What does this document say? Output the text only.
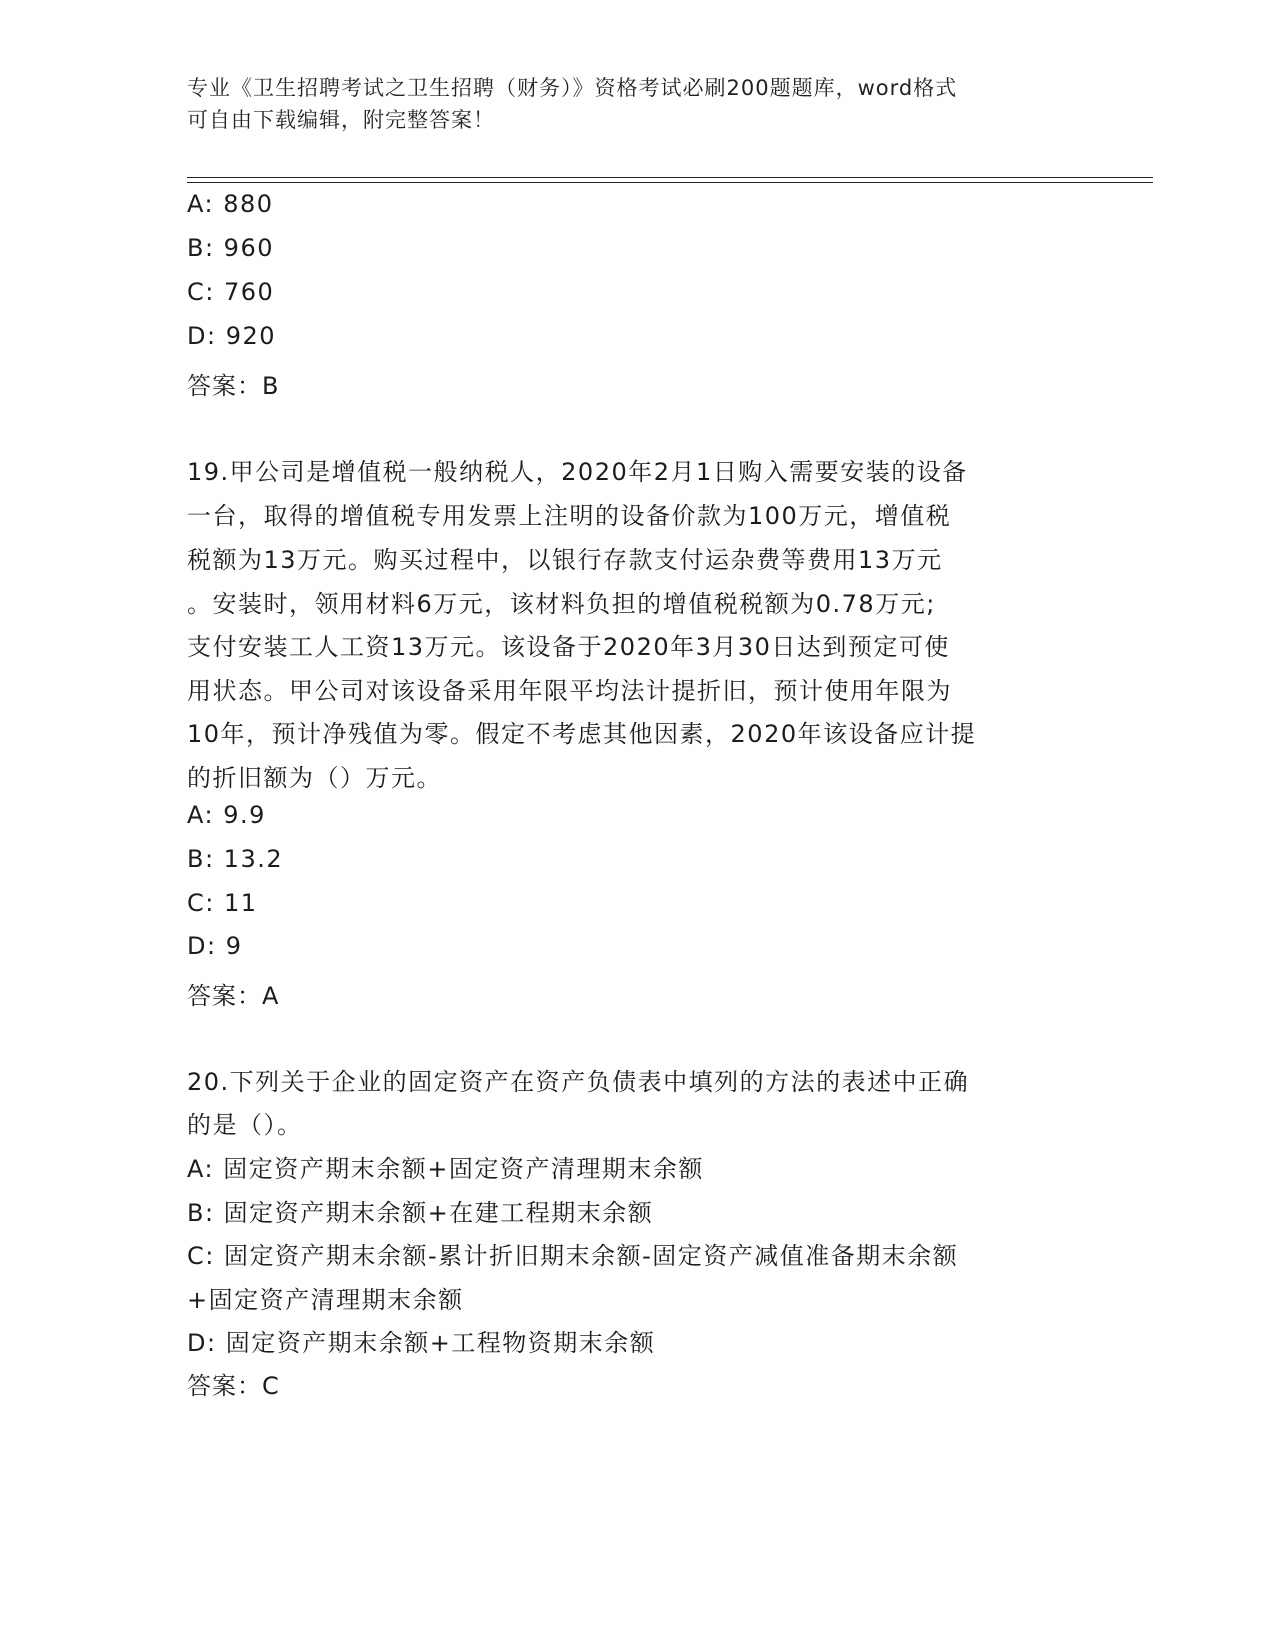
专业《卫生招聘考试之卫生招聘（财务）》资格考试必刷200题题库，word格式
可自由下载编辑，附完整答案！
A: 880
B: 960
C: 760
D: 920
答案：B
19.甲公司是增值税一般纳税人，2020年2月1日购入需要安装的设备
一台，取得的增值税专用发票上注明的设备价款为100万元，增值税
税额为13万元。购买过程中，以银行存款支付运杂费等费用13万元
。安装时，领用材料6万元，该材料负担的增值税税额为0.78万元;
支付安装工人工资13万元。该设备于2020年3月30日达到预定可使
用状态。甲公司对该设备采用年限平均法计提折旧，预计使用年限为
10年，预计净残值为零。假定不考虑其他因素，2020年该设备应计提
的折旧额为（）万元。
A: 9.9
B: 13.2
C: 11
D: 9
答案：A
20.下列关于企业的固定资产在资产负债表中填列的方法的表述中正确
的是（）。
A: 固定资产期末余额+固定资产清理期末余额
B: 固定资产期末余额+在建工程期末余额
C: 固定资产期末余额-累计折旧期末余额-固定资产减值准备期末余额
+固定资产清理期末余额
D: 固定资产期末余额+工程物资期末余额
答案：C
